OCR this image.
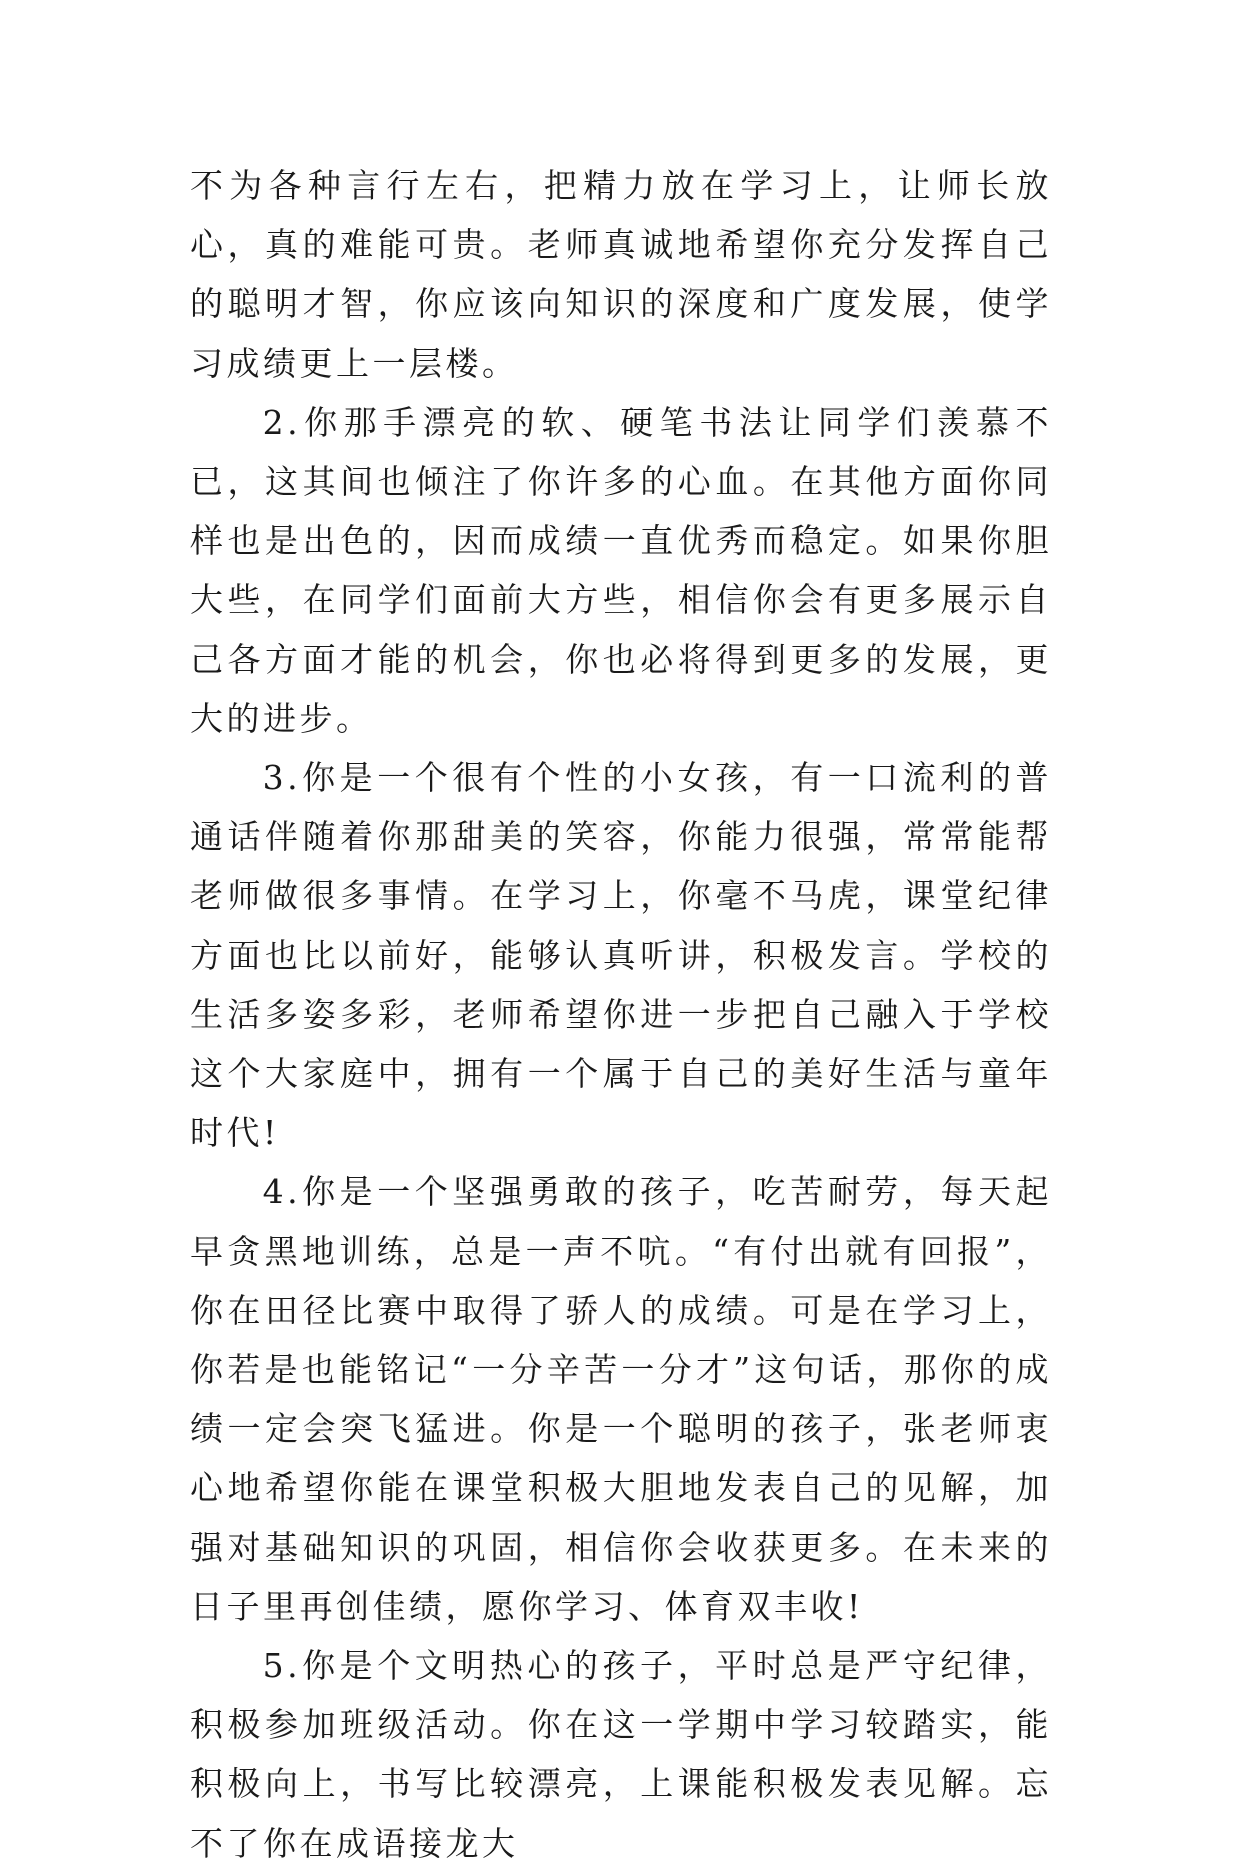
不为各种言行左右，把精力放在学习上，让师长放心，真的难能可贵。老师真诚地希望你充分发挥自己的聪明才智，你应该向知识的深度和广度发展，使学习成绩更上一层楼。

2.你那手漂亮的软、硬笔书法让同学们羡慕不已，这其间也倾注了你许多的心血。在其他方面你同样也是出色的，因而成绩一直优秀而稳定。如果你胆大些，在同学们面前大方些，相信你会有更多展示自己各方面才能的机会，你也必将得到更多的发展，更大的进步。

3.你是一个很有个性的小女孩，有一口流利的普通话伴随着你那甜美的笑容，你能力很强，常常能帮老师做很多事情。在学习上，你毫不马虎，课堂纪律方面也比以前好，能够认真听讲，积极发言。学校的生活多姿多彩，老师希望你进一步把自己融入于学校这个大家庭中，拥有一个属于自己的美好生活与童年时代!

4.你是一个坚强勇敢的孩子，吃苦耐劳，每天起早贪黑地训练，总是一声不吭。“有付出就有回报”，你在田径比赛中取得了骄人的成绩。可是在学习上，你若是也能铭记“一分辛苦一分才”这句话，那你的成绩一定会突飞猛进。你是一个聪明的孩子，张老师衷心地希望你能在课堂积极大胆地发表自己的见解，加强对基础知识的巩固，相信你会收获更多。在未来的日子里再创佳绩，愿你学习、体育双丰收!

5.你是个文明热心的孩子，平时总是严守纪律，积极参加班级活动。你在这一学期中学习较踏实，能积极向上，书写比较漂亮，上课能积极发表见解。忘不了你在成语接龙大
